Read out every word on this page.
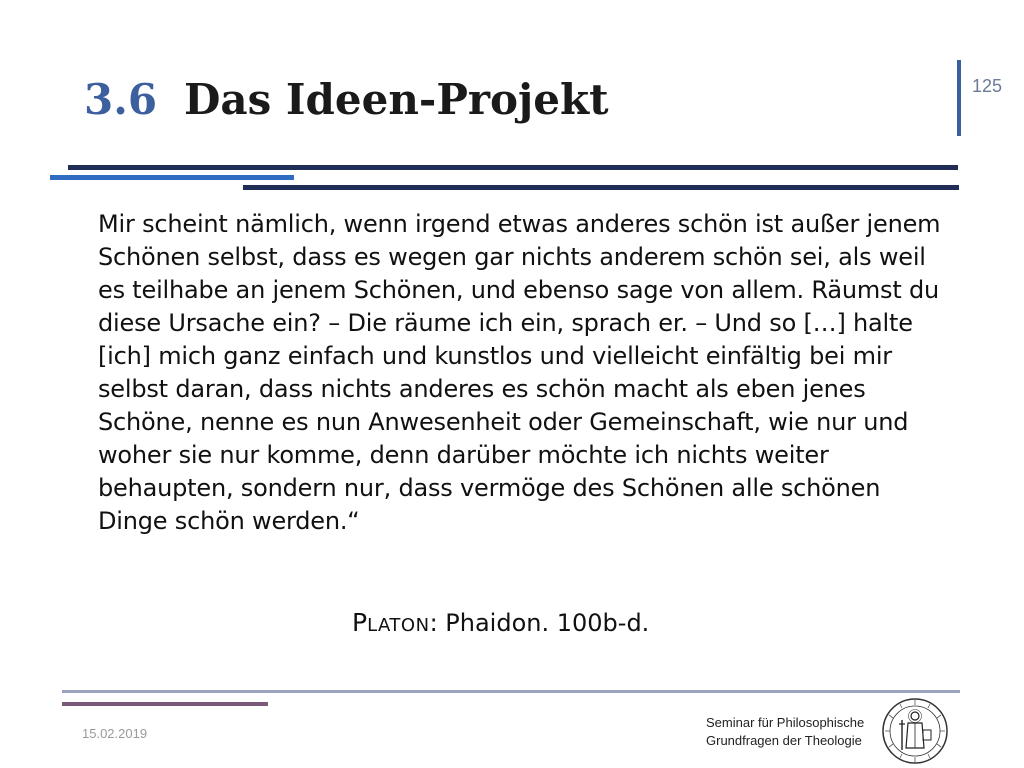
3.6 Das Ideen-Projekt	125
Mir scheint nämlich, wenn irgend etwas anderes schön ist außer jenem Schönen selbst, dass es wegen gar nichts anderem schön sei, als weil es teilhabe an jenem Schönen, und ebenso sage von allem. Räumst du diese Ursache ein? – Die räume ich ein, sprach er. – Und so […] halte [ich] mich ganz einfach und kunstlos und vielleicht einfältig bei mir selbst daran, dass nichts anderes es schön macht als eben jenes Schöne, nenne es nun Anwesenheit oder Gemeinschaft, wie nur und woher sie nur komme, denn darüber möchte ich nichts weiter behaupten, sondern nur, dass vermöge des Schönen alle schönen Dinge schön werden.“
PLATON: Phaidon. 100b-d.
15.02.2019
Seminar für Philosophische
Grundfragen der Theologie
